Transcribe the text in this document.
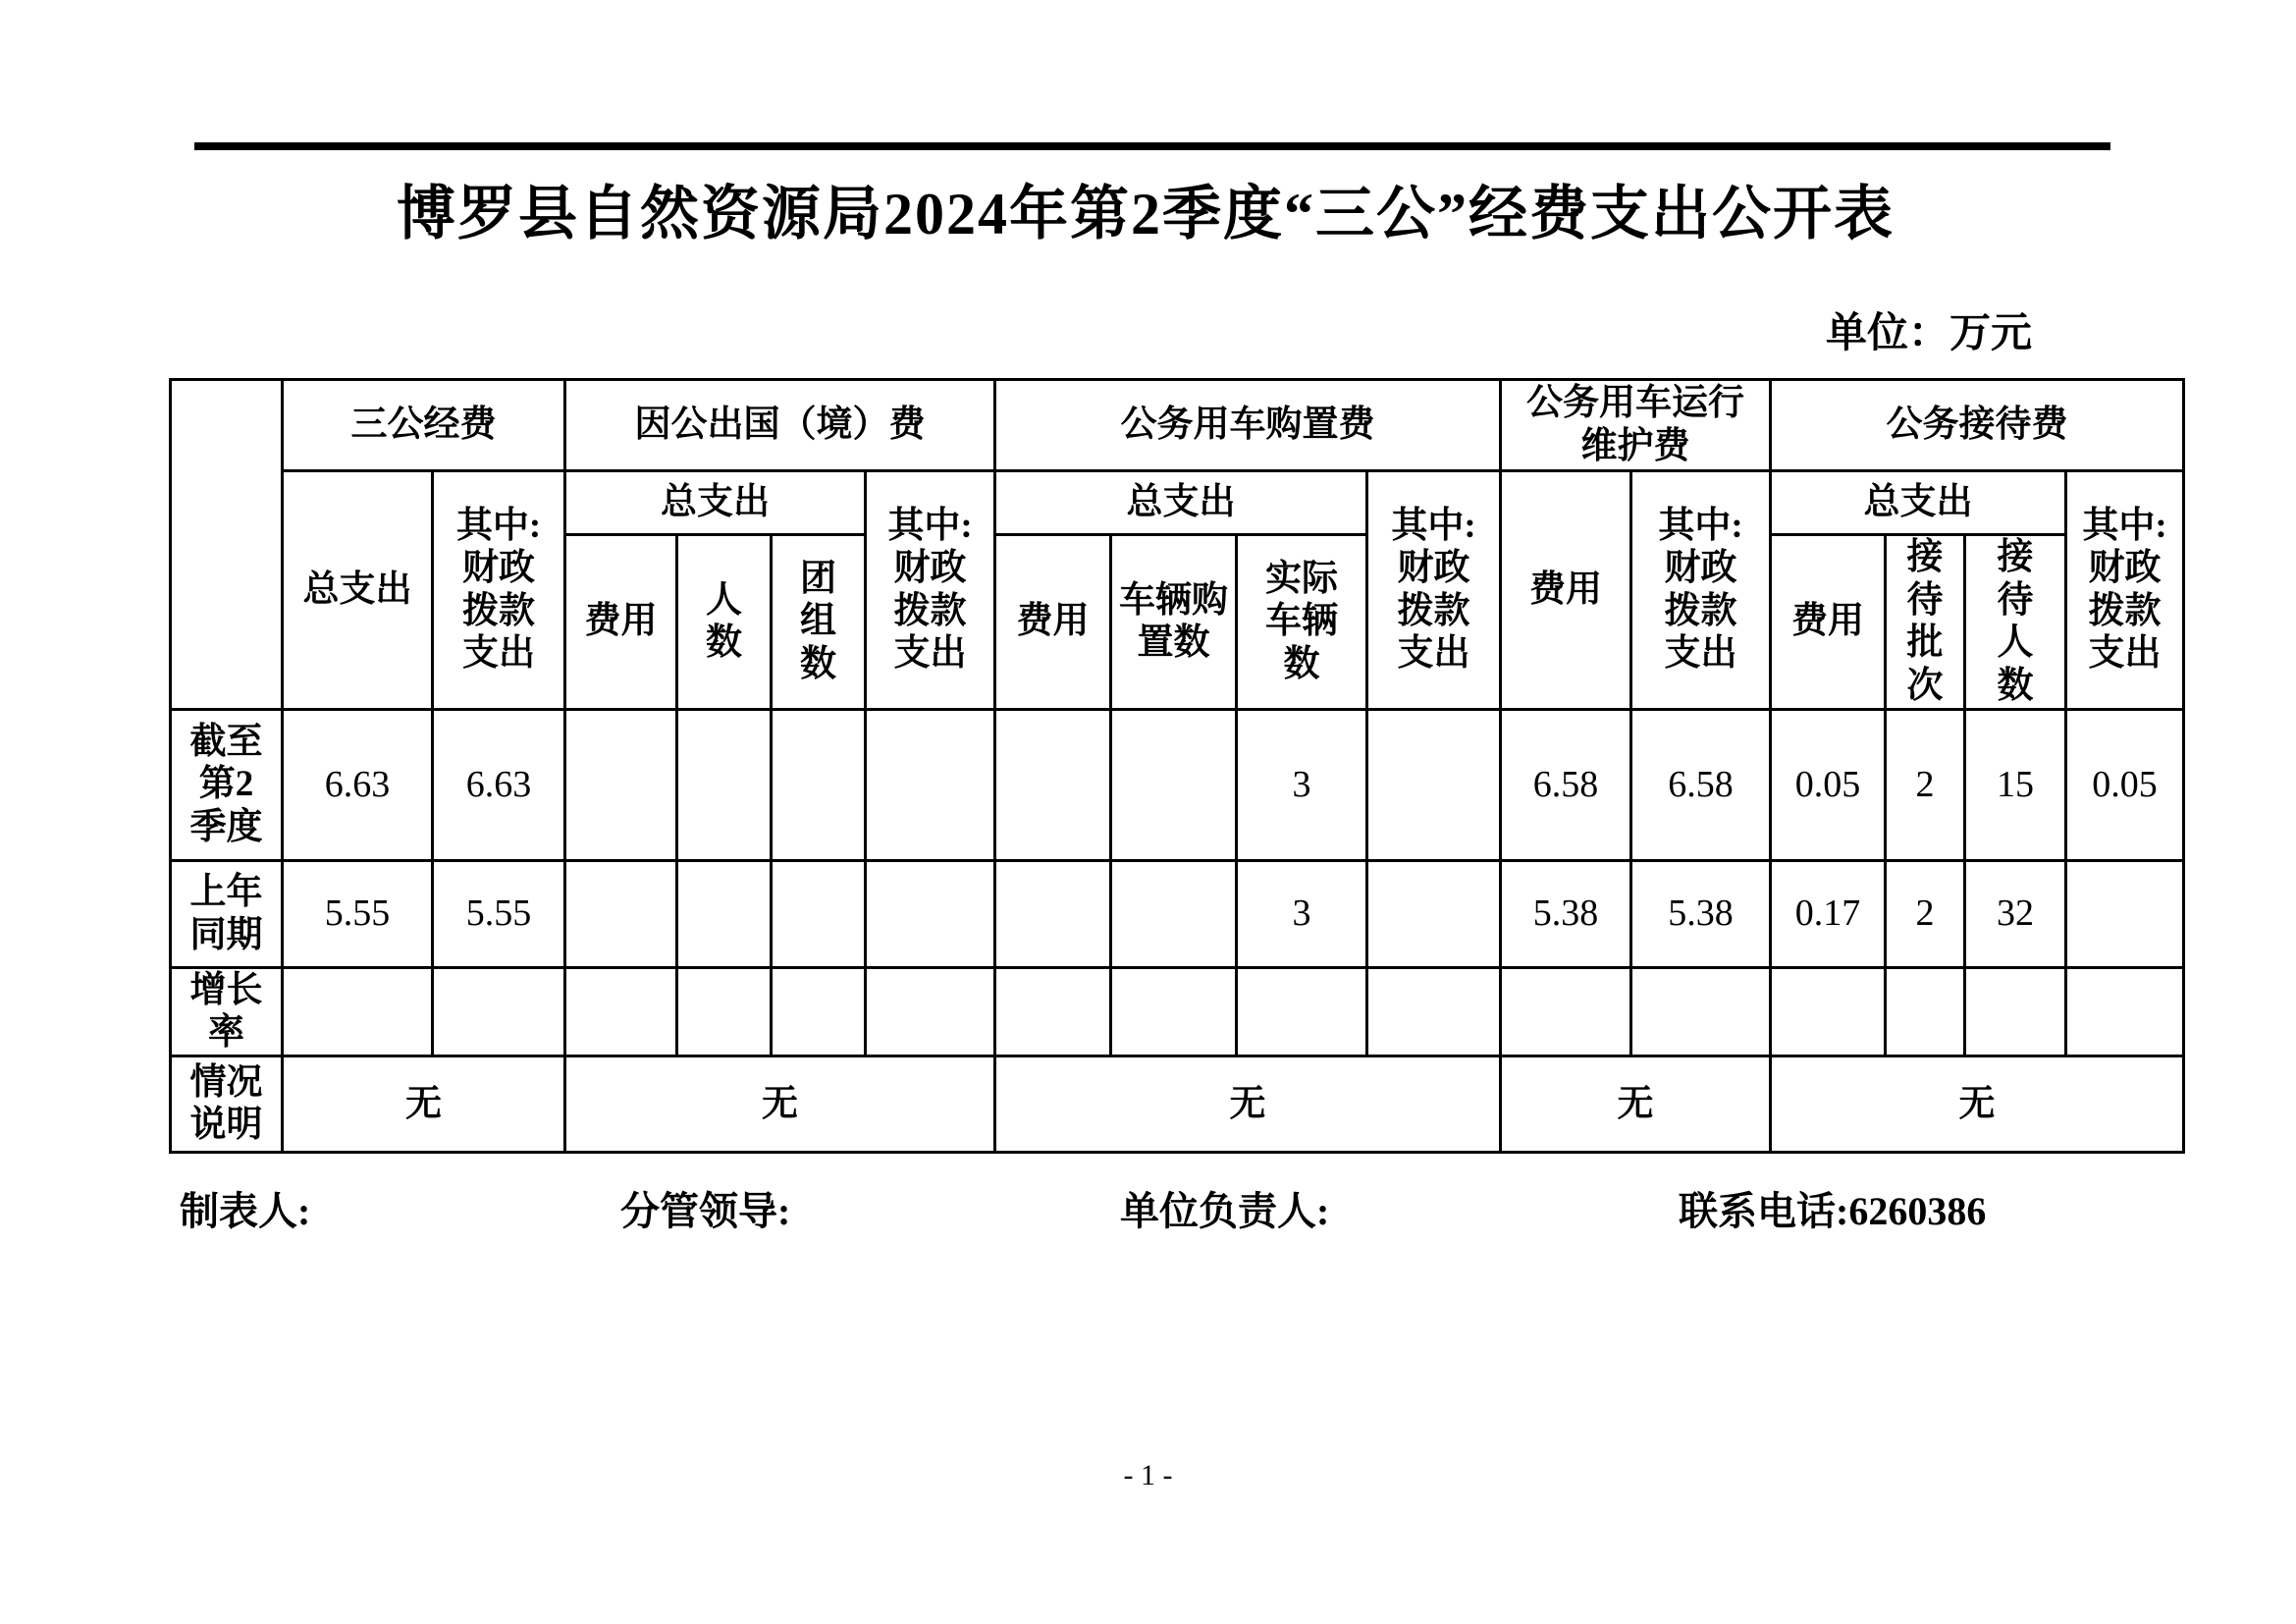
博罗县自然资源局2024年第2季度“三公”经费支出公开表
单位：万元
	三公经费		因公出国（境）费				公务用车购置费				公务用车运行维护费		公务接待费			
	总支出	其中:财政拨款支出	总支出			其中:财政拨款支出	总支出			其中:财政拨款支出	费用	其中:财政拨款支出	总支出			其中:财政拨款支出
			费用	人数	团组数		费用	车辆购置数	实际车辆数				费用	接待批次	接待人数	
截至第2季度	6.63	6.63							3		6.58	6.58	0.05	2	15	0.05
上年同期	5.55	5.55							3		5.38	5.38	0.17	2	32	
增长率																
情况说明	无		无				无				无		无			
制表人:	分管领导:	单位负责人:	联系电话:6260386
- 1 -
